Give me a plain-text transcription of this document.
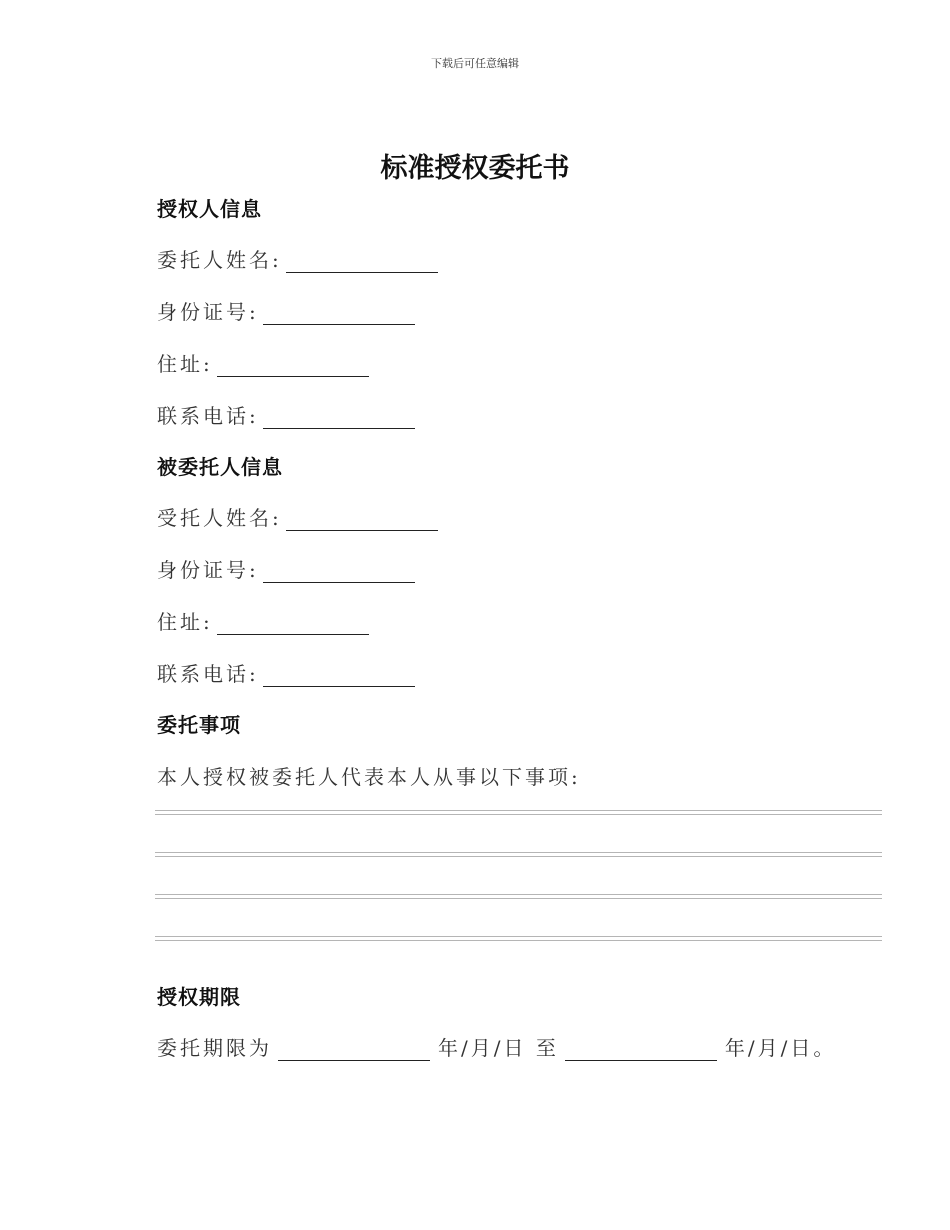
下载后可任意编辑
标准授权委托书
授权人信息
委托人姓名:
身份证号:
住址:
联系电话:
被委托人信息
受托人姓名:
身份证号:
住址:
联系电话:
委托事项
本人授权被委托人代表本人从事以下事项:
授权期限
委托期限为	年/月/日 至	年/月/日。
